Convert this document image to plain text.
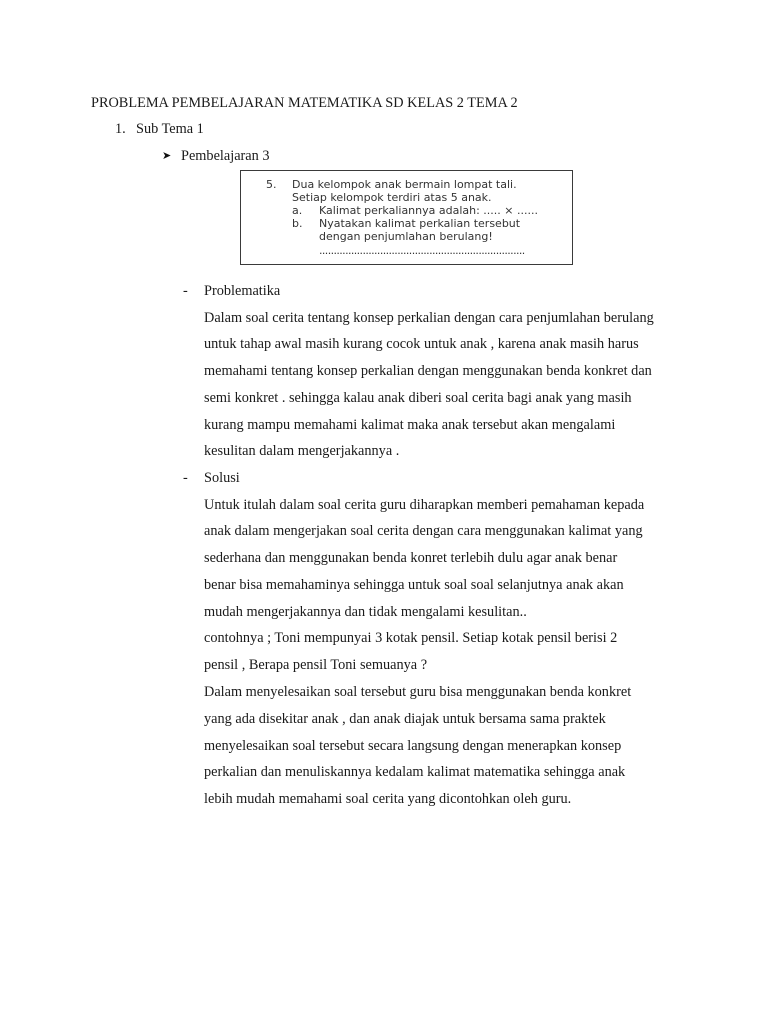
PROBLEMA PEMBELAJARAN MATEMATIKA SD KELAS 2 TEMA 2
1. Sub Tema 1
➤ Pembelajaran 3
5. Dua kelompok anak bermain lompat tali.
Setiap kelompok terdiri atas 5 anak.
a. Kalimat perkaliannya adalah: ..... × ......
b. Nyatakan kalimat perkalian tersebut
dengan penjumlahan berulang!
.......................................................................
- Problematika
Dalam soal cerita tentang konsep perkalian dengan cara penjumlahan berulang
untuk tahap awal masih kurang cocok untuk anak , karena anak masih harus
memahami tentang konsep perkalian dengan menggunakan benda konkret dan
semi konkret . sehingga kalau anak diberi soal cerita bagi anak yang masih
kurang mampu memahami kalimat maka anak tersebut akan mengalami
kesulitan dalam mengerjakannya .
- Solusi
Untuk itulah dalam soal cerita guru diharapkan memberi pemahaman kepada
anak dalam mengerjakan soal cerita dengan cara menggunakan kalimat yang
sederhana dan menggunakan benda konret terlebih dulu agar anak benar
benar bisa memahaminya sehingga untuk soal soal selanjutnya anak akan
mudah mengerjakannya dan tidak mengalami kesulitan..
contohnya ; Toni mempunyai 3 kotak pensil. Setiap kotak pensil berisi 2
pensil , Berapa pensil Toni semuanya ?
Dalam menyelesaikan soal tersebut guru bisa menggunakan benda konkret
yang ada disekitar anak , dan anak diajak untuk bersama sama praktek
menyelesaikan soal tersebut secara langsung dengan menerapkan konsep
perkalian dan menuliskannya kedalam kalimat matematika sehingga anak
lebih mudah memahami soal cerita yang dicontohkan oleh guru.
